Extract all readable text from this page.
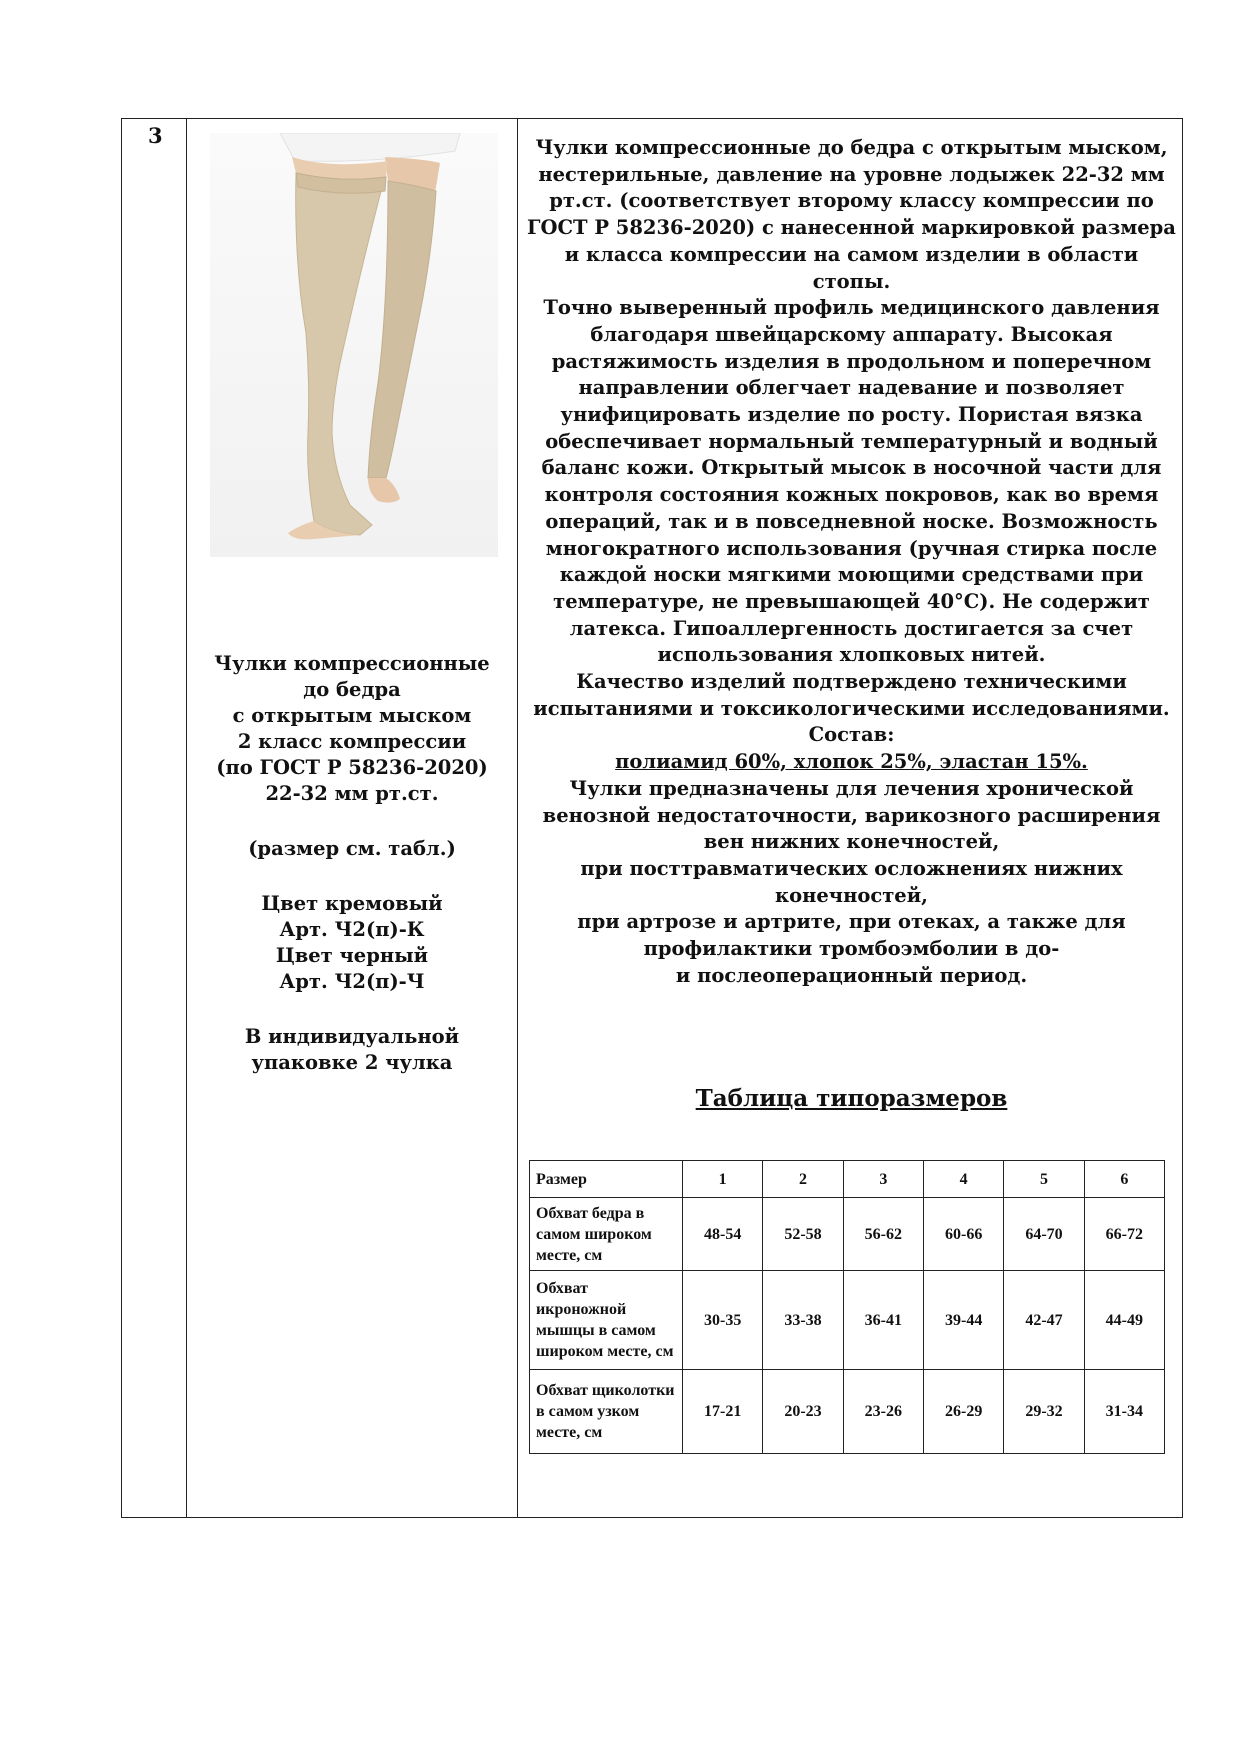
3

Чулки компрессионные

до бедра

с открытым мыском

2 класс компрессии

(по ГОСТ Р 58236-2020)

22-32 мм рт.ст.

(размер см. табл.)

Цвет кремовый

Арт. Ч2(п)-К

Цвет черный

Арт. Ч2(п)-Ч

В индивидуальной

упаковке 2 чулка

Чулки компрессионные до бедра с открытым мыском,

нестерильные, давление на уровне лодыжек 22-32 мм

рт.ст. (соответствует второму классу компрессии по

ГОСТ Р 58236-2020) с нанесенной маркировкой размера

и класса компрессии на самом изделии в области

стопы.

Точно выверенный профиль медицинского давления

благодаря швейцарскому аппарату. Высокая

растяжимость изделия в продольном и поперечном

направлении облегчает надевание и позволяет

унифицировать изделие по росту. Пористая вязка

обеспечивает нормальный температурный и водный

баланс кожи. Открытый мысок в носочной части для

контроля состояния кожных покровов, как во время

операций, так и в повседневной носке. Возможность

многократного использования (ручная стирка после

каждой носки мягкими моющими средствами при

температуре, не превышающей 40°С). Не содержит

латекса. Гипоаллергенность достигается за счет

использования хлопковых нитей.

Качество изделий подтверждено техническими

испытаниями и токсикологическими исследованиями.

Состав:

полиамид 60%, хлопок 25%, эластан 15%.

Чулки предназначены для лечения хронической

венозной недостаточности, варикозного расширения

вен нижних конечностей,

при посттравматических осложнениях нижних

конечностей,

при артрозе и артрите, при отеках, а также для

профилактики тромбоэмболии в до-

и послеоперационный период.

Таблица типоразмеров
Размер	1	2	3	4	5	6
Обхват бедра в самом широком месте, см	48-54	52-58	56-62	60-66	64-70	66-72
Обхват икроножной мышцы в самом широком месте, см	30-35	33-38	36-41	39-44	42-47	44-49
Обхват щиколотки в самом узком месте, см	17-21	20-23	23-26	26-29	29-32	31-34
